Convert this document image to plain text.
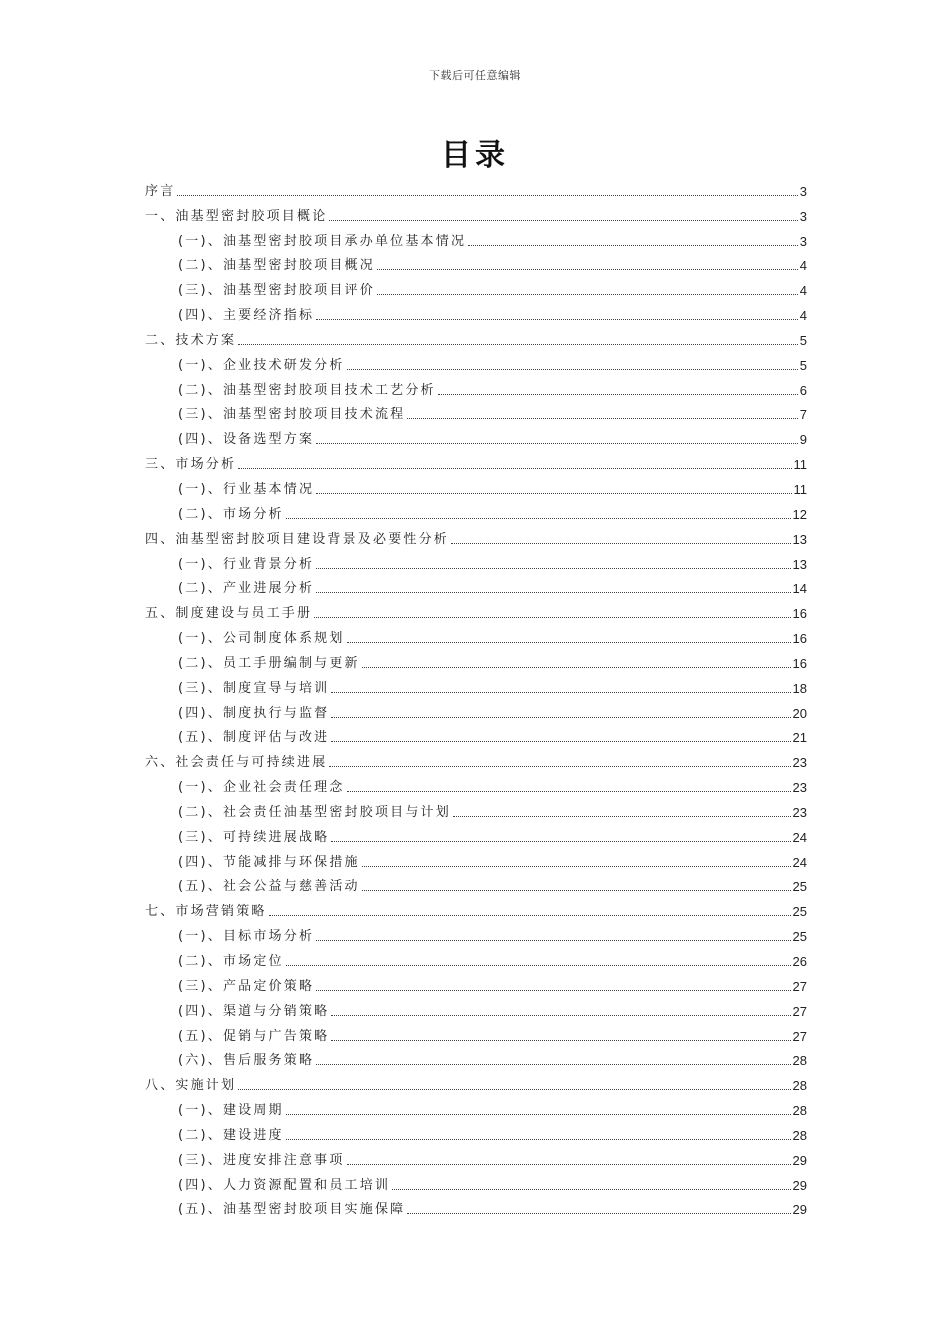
下载后可任意编辑
目录
序言	3
一、油基型密封胶项目概论	3
(一)、油基型密封胶项目承办单位基本情况	3
(二)、油基型密封胶项目概况	4
(三)、油基型密封胶项目评价	4
(四)、主要经济指标	4
二、技术方案	5
(一)、企业技术研发分析	5
(二)、油基型密封胶项目技术工艺分析	6
(三)、油基型密封胶项目技术流程	7
(四)、设备选型方案	9
三、市场分析	11
(一)、行业基本情况	11
(二)、市场分析	12
四、油基型密封胶项目建设背景及必要性分析	13
(一)、行业背景分析	13
(二)、产业进展分析	14
五、制度建设与员工手册	16
(一)、公司制度体系规划	16
(二)、员工手册编制与更新	16
(三)、制度宣导与培训	18
(四)、制度执行与监督	20
(五)、制度评估与改进	21
六、社会责任与可持续进展	23
(一)、企业社会责任理念	23
(二)、社会责任油基型密封胶项目与计划	23
(三)、可持续进展战略	24
(四)、节能减排与环保措施	24
(五)、社会公益与慈善活动	25
七、市场营销策略	25
(一)、目标市场分析	25
(二)、市场定位	26
(三)、产品定价策略	27
(四)、渠道与分销策略	27
(五)、促销与广告策略	27
(六)、售后服务策略	28
八、实施计划	28
(一)、建设周期	28
(二)、建设进度	28
(三)、进度安排注意事项	29
(四)、人力资源配置和员工培训	29
(五)、油基型密封胶项目实施保障	29
